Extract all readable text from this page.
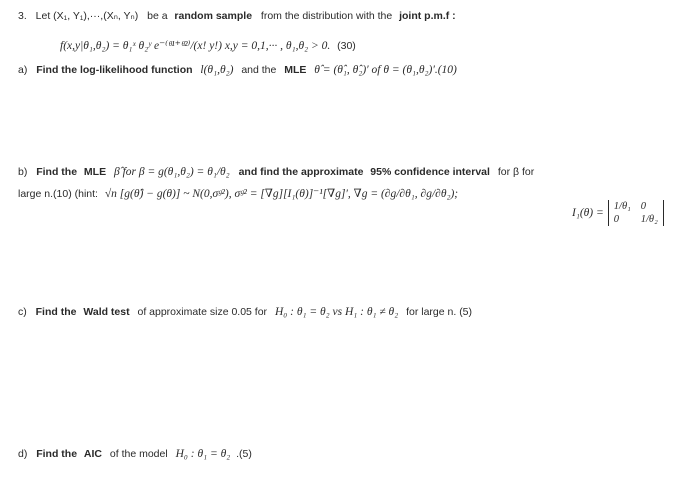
3. Let (X₁, Y₁),···,(Xₙ, Yₙ) be a random sample from the distribution with the joint p.m.f :
f(x,y|θ₁,θ₂) = θ₁ˣ θ₂ʸ e⁻⁽ᶿ¹⁺ᶿ²⁾/(x! y!) x,y = 0,1,··· , θ₁,θ₂ > 0. (30)
a) Find the log-likelihood function l(θ₁,θ₂) and the MLE θ̂ = (θ̂₁, θ̂₂)′ of θ = (θ₁,θ₂)′.(10)
b) Find the MLE β̂ for β = g(θ₁,θ₂) = θ₁/θ₂ and find the approximate 95% confidence interval for β for
large n.(10) (hint: √n [g(θ̂) − g(θ)] ~ N(0,σᵍ²), σᵍ² = [∇g][I₁(θ)]⁻¹[∇g]′, ∇g = (∂g/∂θ₁, ∂g/∂θ₂);
I₁(θ) =
1/θ₁ 0
0	1/θ₂
c) Find the Wald test of approximate size 0.05 for H₀ : θ₁ = θ₂ vs H₁ : θ₁ ≠ θ₂ for large n. (5)
d) Find the AIC of the model H₀ : θ₁ = θ₂ .(5)
